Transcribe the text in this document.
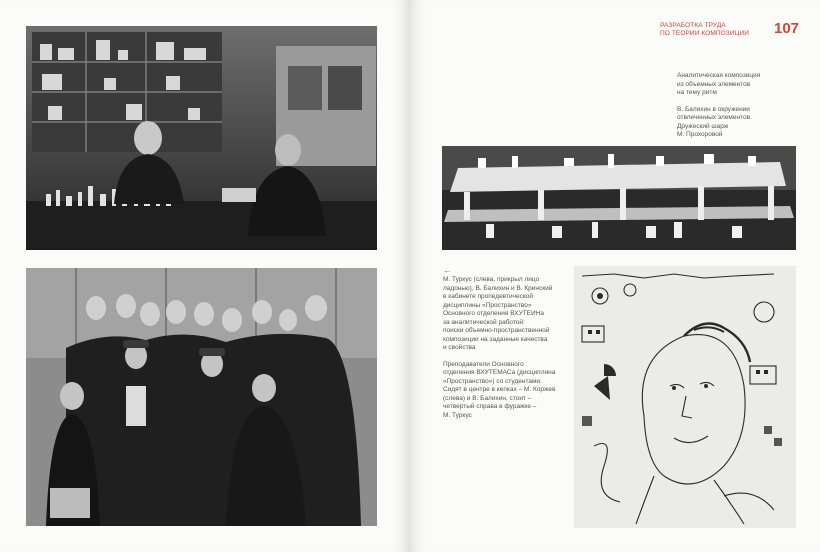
РАЗРАБОТКА ТРУДА
ПО ТЕОРИИ КОМПОЗИЦИИ	107
Аналитическая композиция
из объемных элементов
на тему ритм
В. Балихин в окружении
отвлеченных элементов.
Дружеский шарж
М. Прохоровой
←
М. Туркус (слева, прикрыл лицо
ладонью), В. Балихин и В. Кринский
в кабинете пропедевтической
дисциплины «Пространство»
Основного отделения ВХУТЕИНа
за аналитической работой:
поиски объемно-пространственной
композиции на заданные качества
и свойства
Преподаватели Основного
отделения ВХУТЕМАСа (дисциплина
«Пространство») со студентами.
Сидят в центре в кепках – М. Коржев
(слева) и В. Балихин, стоит –
четвертый справа в фуражке –
М. Туркус
